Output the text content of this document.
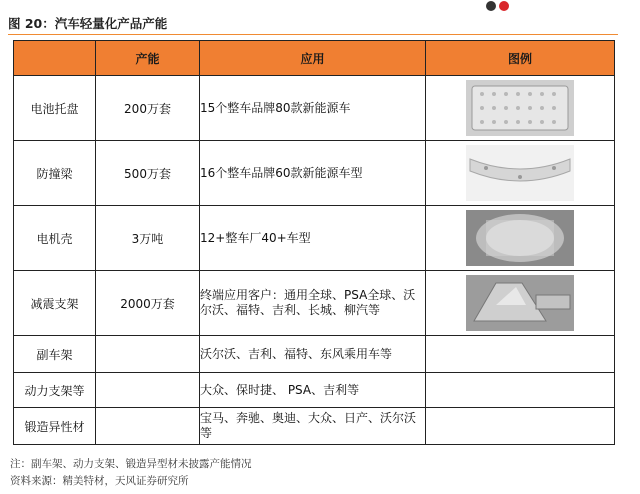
图 20：汽车轻量化产品产能
	产能	应用	图例
电池托盘	200万套	15个整车品牌80款新能源车	

防撞梁	500万套	16个整车品牌60款新能源车型	

电机壳	3万吨	12+整车厂40+车型	

减震支架	2000万套	终端应用客户：通用全球、PSA全球、沃尔沃、福特、吉利、长城、柳汽等	

副车架		沃尔沃、吉利、福特、东风乘用车等	
动力支架等		大众、保时捷、 PSA、吉利等	
锻造异性材		宝马、奔驰、奥迪、大众、日产、沃尔沃等	
注：副车架、动力支架、锻造异型材未披露产能情况
资料来源：精美特材，天风证券研究所
